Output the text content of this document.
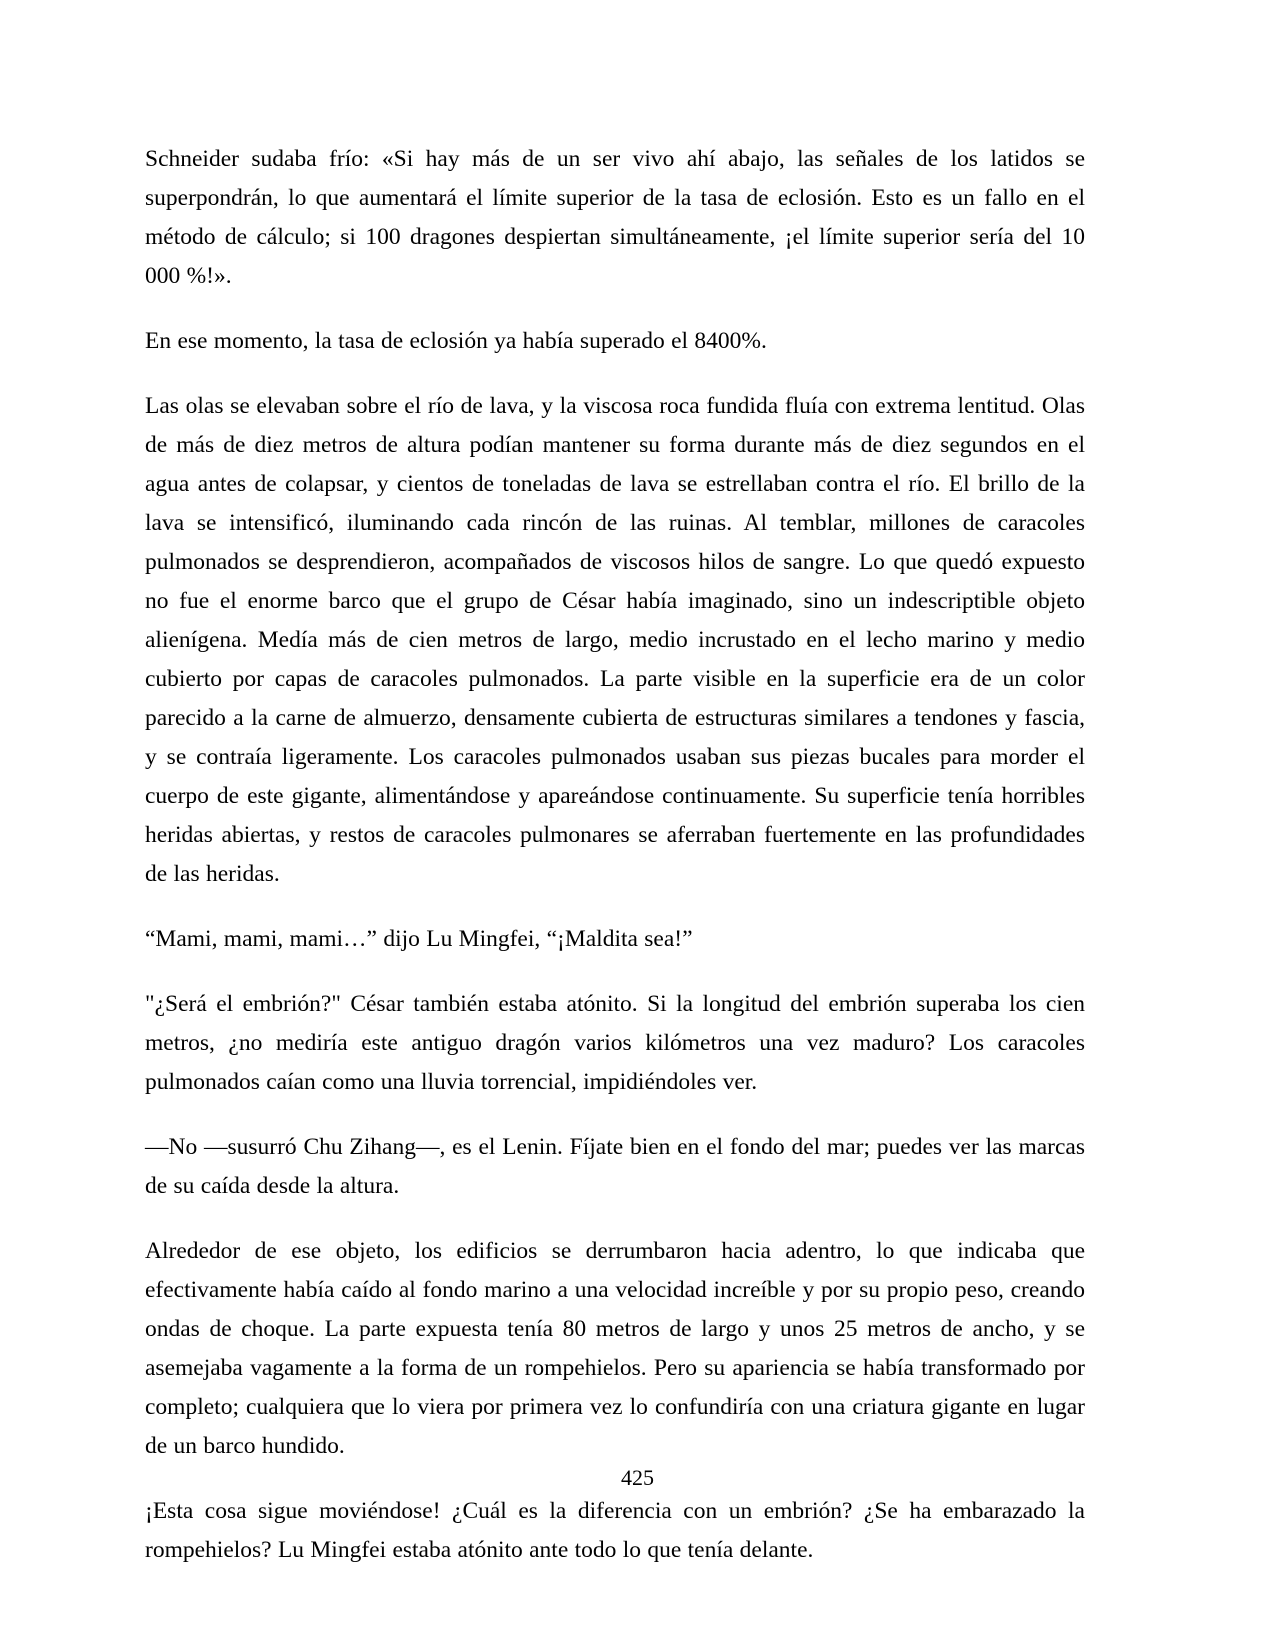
Schneider sudaba frío: «Si hay más de un ser vivo ahí abajo, las señales de los latidos se superpondrán, lo que aumentará el límite superior de la tasa de eclosión. Esto es un fallo en el método de cálculo; si 100 dragones despiertan simultáneamente, ¡el límite superior sería del 10 000 %!».

En ese momento, la tasa de eclosión ya había superado el 8400%.

Las olas se elevaban sobre el río de lava, y la viscosa roca fundida fluía con extrema lentitud. Olas de más de diez metros de altura podían mantener su forma durante más de diez segundos en el agua antes de colapsar, y cientos de toneladas de lava se estrellaban contra el río. El brillo de la lava se intensificó, iluminando cada rincón de las ruinas. Al temblar, millones de caracoles pulmonados se desprendieron, acompañados de viscosos hilos de sangre. Lo que quedó expuesto no fue el enorme barco que el grupo de César había imaginado, sino un indescriptible objeto alienígena. Medía más de cien metros de largo, medio incrustado en el lecho marino y medio cubierto por capas de caracoles pulmonados. La parte visible en la superficie era de un color parecido a la carne de almuerzo, densamente cubierta de estructuras similares a tendones y fascia, y se contraía ligeramente. Los caracoles pulmonados usaban sus piezas bucales para morder el cuerpo de este gigante, alimentándose y apareándose continuamente. Su superficie tenía horribles heridas abiertas, y restos de caracoles pulmonares se aferraban fuertemente en las profundidades de las heridas.

“Mami, mami, mami…” dijo Lu Mingfei, “¡Maldita sea!”

"¿Será el embrión?" César también estaba atónito. Si la longitud del embrión superaba los cien metros, ¿no mediría este antiguo dragón varios kilómetros una vez maduro? Los caracoles pulmonados caían como una lluvia torrencial, impidiéndoles ver.

—No —susurró Chu Zihang—, es el Lenin. Fíjate bien en el fondo del mar; puedes ver las marcas de su caída desde la altura.

Alrededor de ese objeto, los edificios se derrumbaron hacia adentro, lo que indicaba que efectivamente había caído al fondo marino a una velocidad increíble y por su propio peso, creando ondas de choque. La parte expuesta tenía 80 metros de largo y unos 25 metros de ancho, y se asemejaba vagamente a la forma de un rompehielos. Pero su apariencia se había transformado por completo; cualquiera que lo viera por primera vez lo confundiría con una criatura gigante en lugar de un barco hundido.

¡Esta cosa sigue moviéndose! ¿Cuál es la diferencia con un embrión? ¿Se ha embarazado la rompehielos? Lu Mingfei estaba atónito ante todo lo que tenía delante.

425
